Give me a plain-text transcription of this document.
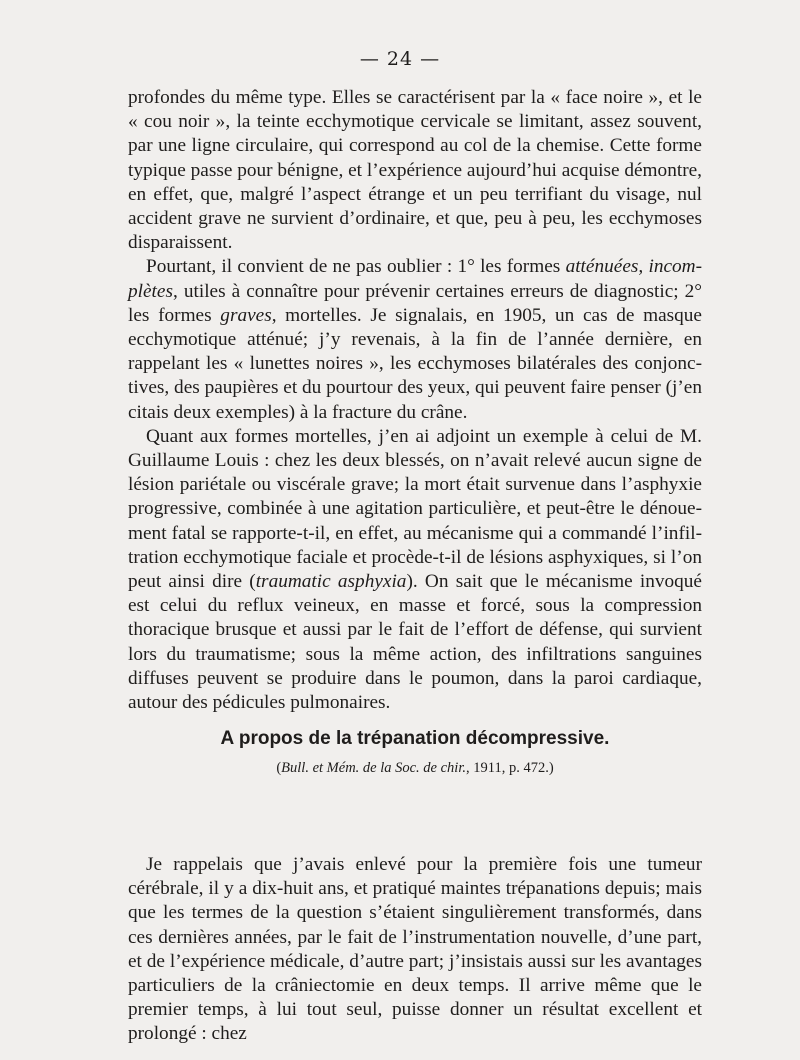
— 24 —

profondes du même type. Elles se caractérisent par la « face noire », et le « cou noir », la teinte ecchymotique cervicale se limitant, assez souvent, par une ligne circulaire, qui correspond au col de la chemise. Cette forme typique passe pour bénigne, et l’expérience aujourd’hui acquise démontre, en effet, que, malgré l’aspect étrange et un peu terrifiant du visage, nul accident grave ne survient d’ordinaire, et que, peu à peu, les ecchymoses disparaissent.

Pourtant, il convient de ne pas oublier : 1° les formes atténuées, incomplètes, utiles à connaître pour prévenir certaines erreurs de diagnostic; 2° les formes graves, mortelles. Je signalais, en 1905, un cas de masque ecchymotique atténué; j’y revenais, à la fin de l’année dernière, en rappelant les « lunettes noires », les ecchymoses bilatérales des conjonctives, des paupières et du pourtour des yeux, qui peuvent faire penser (j’en citais deux exemples) à la fracture du crâne.

Quant aux formes mortelles, j’en ai adjoint un exemple à celui de M. Guillaume Louis : chez les deux blessés, on n’avait relevé aucun signe de lésion pariétale ou viscérale grave; la mort était survenue dans l’asphyxie progressive, combinée à une agitation particulière, et peut-être le dénouement fatal se rapporte-t-il, en effet, au mécanisme qui a commandé l’infiltration ecchymotique faciale et procède-t-il de lésions asphyxiques, si l’on peut ainsi dire (traumatic asphyxia). On sait que le mécanisme invoqué est celui du reflux veineux, en masse et forcé, sous la compression thoracique brusque et aussi par le fait de l’effort de défense, qui survient lors du traumatisme; sous la même action, des infiltrations sanguines diffuses peuvent se produire dans le poumon, dans la paroi cardiaque, autour des pédicules pulmonaires.

A propos de la trépanation décompressive.
(Bull. et Mém. de la Soc. de chir., 1911, p. 472.)

Je rappelais que j’avais enlevé pour la première fois une tumeur cérébrale, il y a dix-huit ans, et pratiqué maintes trépanations depuis; mais que les termes de la question s’étaient singulièrement transformés, dans ces dernières années, par le fait de l’instrumentation nouvelle, d’une part, et de l’expérience médicale, d’autre part; j’insistais aussi sur les avantages particuliers de la crâniectomie en deux temps. Il arrive même que le premier temps, à lui tout seul, puisse donner un résultat excellent et prolongé : chez
